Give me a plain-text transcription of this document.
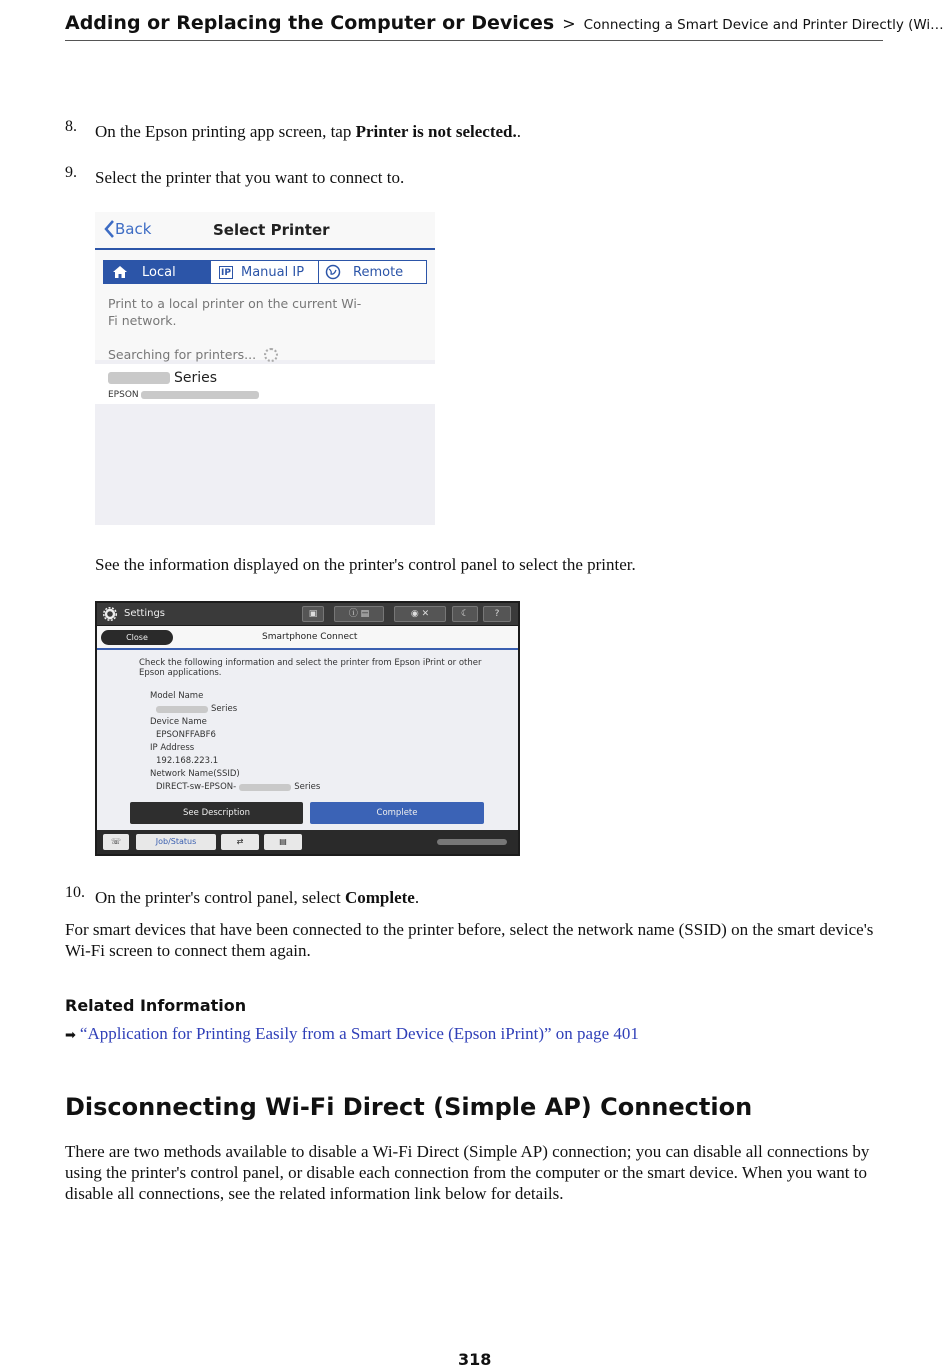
Adding or Replacing the Computer or Devices > Connecting a Smart Device and Printer Directly (Wi…
8. On the Epson printing app screen, tap Printer is not selected..
9. Select the printer that you want to connect to.
Back	Select Printer
Local	IP Manual IP	Remote
Print to a local printer on the current Wi-
Fi network.
Searching for printers...
Series
EPSON
See the information displayed on the printer's control panel to select the printer.
Settings	▣	ⓘ ▤	◉ ✕	☾	?
Close	Smartphone Connect
Check the following information and select the printer from Epson iPrint or other
Epson applications.
Model Name
Series
Device Name
EPSONFFABF6
IP Address
192.168.223.1
Network Name(SSID)
DIRECT-sw-EPSON-	Series
See Description	Complete
☏	Job/Status	⇄	▤
10. On the printer's control panel, select Complete.
For smart devices that have been connected to the printer before, select the network name (SSID) on the smart device's Wi-Fi screen to connect them again.
Related Information
➡ “Application for Printing Easily from a Smart Device (Epson iPrint)” on page 401
Disconnecting Wi-Fi Direct (Simple AP) Connection
There are two methods available to disable a Wi-Fi Direct (Simple AP) connection; you can disable all connections by using the printer's control panel, or disable each connection from the computer or the smart device. When you want to disable all connections, see the related information link below for details.
318
